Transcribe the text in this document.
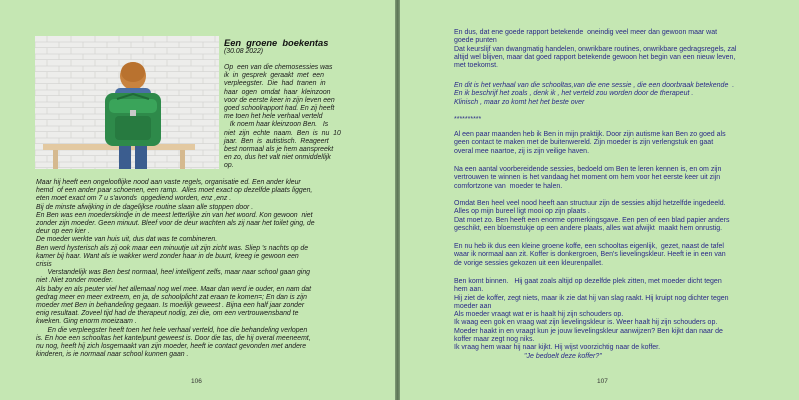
Een  groene  boekentas
(30.08 2022)

Op  een van die chemosessies was

ik  in  gesprek  geraakt  met  een

verpleegster.  Die  had  tranen  in

haar  ogen  omdat  haar  kleinzoon

voor de eerste keer in zijn leven een

goed schoolrapport had. En zij heeft

me toen het hele verhaal verteld

Ik noem haar kleinzoon Ben.   Is

niet  zijn  echte  naam.  Ben  is  nu  10

jaar.  Ben  is  autistisch.  Reageert

best normaal als je hem aanspreekt

en zo, dus het valt niet onmiddellijk

op.

Maar hij heeft een ongelooflijke nood aan vaste regels, organisatie ed. Een ander kleur

hemd  of een ander paar schoenen, een ramp.  Alles moet exact op dezelfde plaats liggen,

eten moet exact om 7 u s'avonds  opgediend worden, enz ,enz .

Bij de minste afwijking in de dagelijkse routine slaan alle stoppen door .

En Ben was een moederskindje in de meest letterlijke zin van het woord. Kon gewoon  niet

zonder zijn moeder. Geen minuut. Bleef voor de deur wachten als zij naar het toilet ging, de

deur op een kier .

De moeder werkte van huis uit, dus dat was te combineren.

Ben werd hysterisch als zij ook maar een minuutje uit zijn zicht was. Sliep 's nachts op de

kamer bij haar. Want als ie wakker werd zonder haar in de buurt, kreeg ie gewoon een

crisis

Verstandelijk was Ben best normaal, heel intelligent zelfs, maar naar school gaan ging

niet .Niet zonder moeder.

Als baby en als peuter viel het allemaal nog wel mee. Maar dan werd ie ouder, en nam dat

gedrag meer en meer extreem, en ja, de schoolplicht zat eraan te komen=; En dan is zijn

moeder met Ben in behandeling gegaan. Is moeilijk geweest . Bijna een half jaar zonder

enig resultaat. Zoveel tijd had de therapeut nodig, zei die, om een vertrouwensband te

kweken. Ging enorm moeizaam .

En die verpleegster heeft toen het hele verhaal verteld, hoe die behandeling verlopen

is. En hoe een schooltas het kantelpunt geweest is. Door die tas, die hij overal meeneemt,

nu nog, heeft hij zich losgemaakt van zijn moeder, heeft ie contact gevonden met andere

kinderen, is ie normaal naar school kunnen gaan .

106

En dus, dat ene goede rapport betekende  oneindig veel meer dan gewoon maar wat

goede punten

Dat keurslijf van dwangmatig handelen, onwrikbare routines, onwrikbare gedragsregels, zal

altijd wel blijven, maar dat goed rapport betekende gewoon het begin van een nieuw leven,

met toekomst.

En dit is het verhaal van die schooltas,van die ene sessie , die een doorbraak betekende  .

En ik beschrijf het zoals , denk ik , het verteld zou worden door de therapeut .

Klinisch , maar zo komt het het beste over

**********

Al een paar maanden heb ik Ben in mijn praktijk. Door zijn autisme kan Ben zo goed als

geen contact te maken met de buitenwereld. Zijn moeder is zijn verlengstuk en gaat

overal mee naartoe, zij is zijn veilige haven.

Na een aantal voorbereidende sessies, bedoeld om Ben te leren kennen is, en om zijn

vertrouwen te winnen is het vandaag het moment om hem voor het eerste keer uit zijn

comfortzone van  moeder te halen.

Omdat Ben heel veel nood heeft aan structuur zijn de sessies altijd hetzelfde ingedeeld.

Alles op mijn bureel ligt mooi op zijn plaats .

Dat moet zo. Ben heeft een enorme opmerkingsgave. Een pen of een blad papier anders

geschikt, een bloemstukje op een andere plaats, alles wat afwijkt  maakt hem onrustig.

En nu heb ik dus een kleine groene koffe, een schooltas eigenlijk,  gezet, naast de tafel

waar ik normaal aan zit. Koffer is donkergroen, Ben's lievelingskleur. Heeft ie in een van

de vorige sessies gekozen uit een kleurenpallet.

Ben komt binnen.   Hij gaat zoals altijd op dezelfde plek zitten, met moeder dicht tegen

hem aan.

Hij ziet de koffer, zegt niets, maar ik zie dat hij van slag raakt. Hij kruipt nog dichter tegen

moeder aan

Als moeder vraagt wat er is haalt hij zijn schouders op.

Ik waag een gok en vraag wat zijn lievelingskleur is. Weer haalt hij zijn schouders op.

Moeder haakt in en vraagt kun je jouw lievelingskleur aanwijzen? Ben kijkt dan naar de

koffer maar zegt nog niks.

Ik vraag hem waar hij naar kijkt. Hij wijst voorzichtig naar de koffer.

"Je bedoelt deze koffer?"

107
